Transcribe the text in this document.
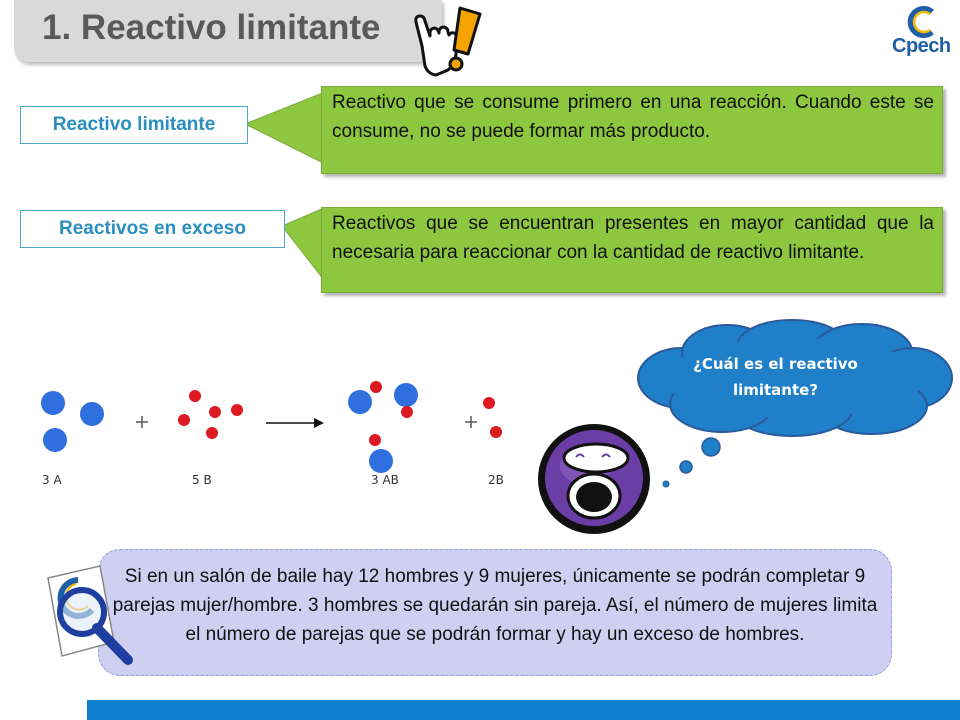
1. Reactivo limitante	Cpech
Reactivo limitante
Reactivo que se consume primero en una reacción. Cuando este se consume, no se puede formar más producto.
Reactivos en exceso	Reactivos que se encuentran presentes en mayor cantidad que la necesaria para reaccionar con la cantidad de reactivo limitante.
3 A	5 B	3 AB	2B
¿Cuál es el reactivo limitante?
Si en un salón de baile hay 12 hombres y 9 mujeres, únicamente se podrán completar 9 parejas mujer/hombre. 3 hombres se quedarán sin pareja. Así, el número de mujeres limita el número de parejas que se podrán formar y hay un exceso de hombres.
